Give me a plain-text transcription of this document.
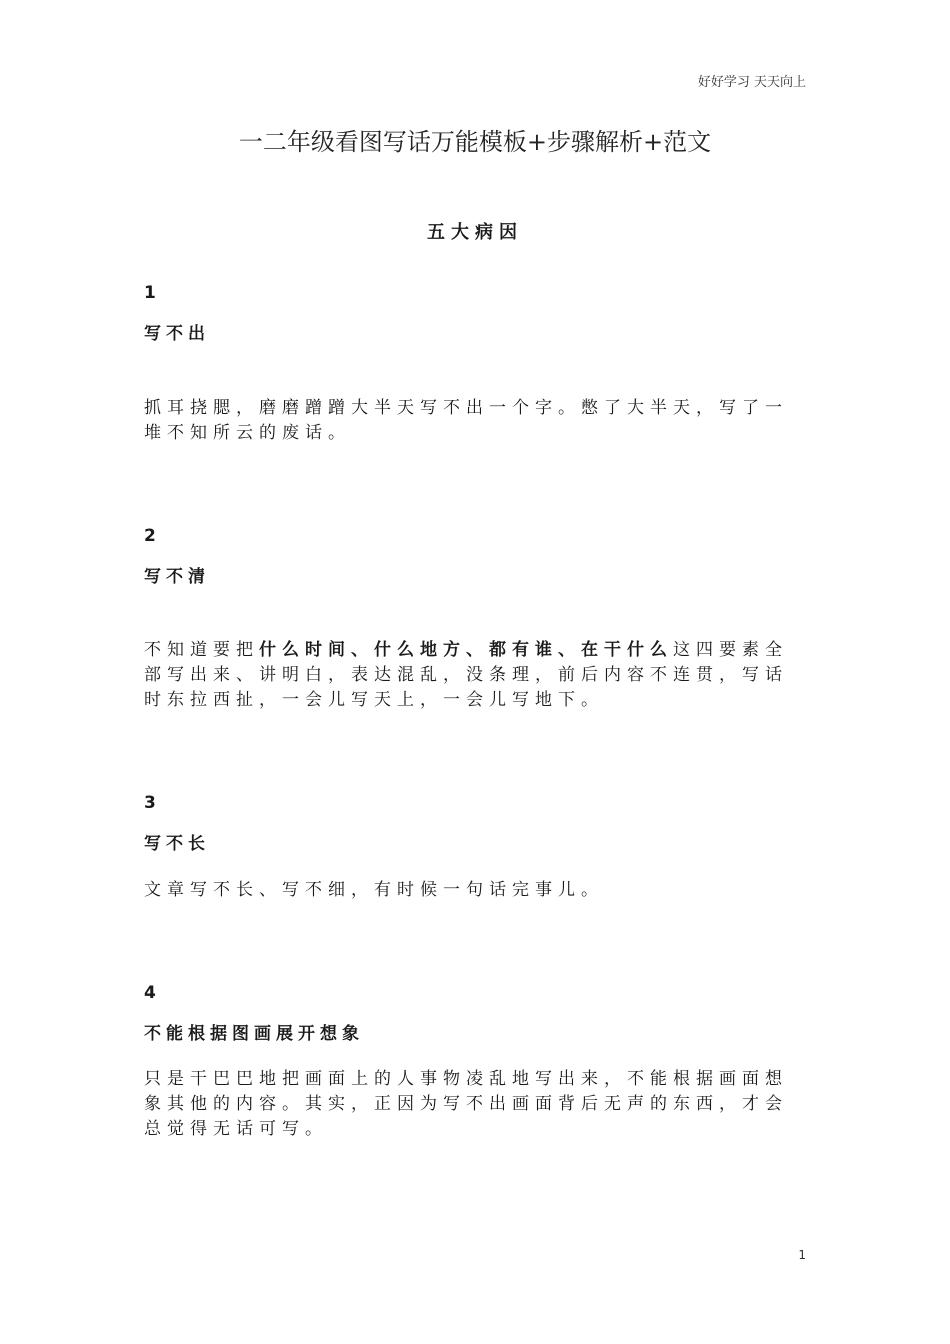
好好学习 天天向上
一二年级看图写话万能模板+步骤解析+范文
五大病因
1
写不出

抓耳挠腮，磨磨蹭蹭大半天写不出一个字。憋了大半天，写了一堆不知所云的废话。

2
写不清

不知道要把什么时间、什么地方、都有谁、在干什么这四要素全部写出来、讲明白，表达混乱，没条理，前后内容不连贯，写话时东拉西扯，一会儿写天上，一会儿写地下。

3
写不长

文章写不长、写不细，有时候一句话完事儿。

4
不能根据图画展开想象

只是干巴巴地把画面上的人事物凌乱地写出来，不能根据画面想象其他的内容。其实，正因为写不出画面背后无声的东西，才会总觉得无话可写。

1
